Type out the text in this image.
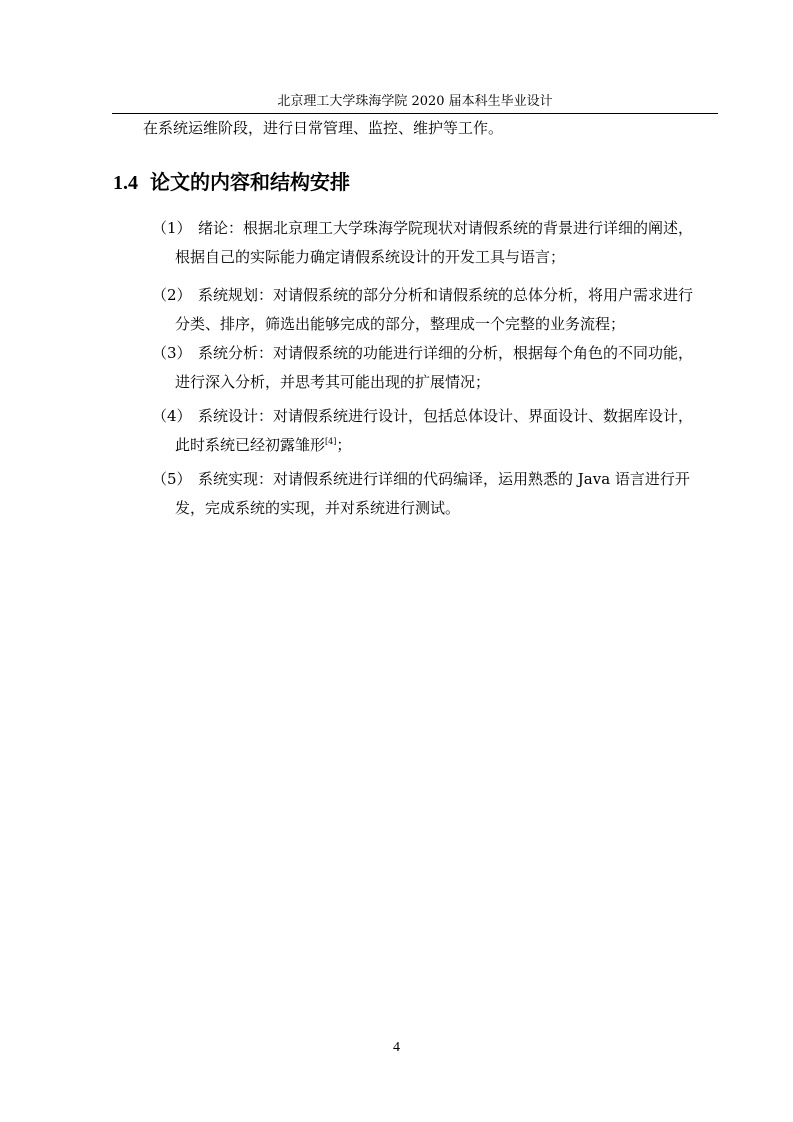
北京理工大学珠海学院 2020 届本科生毕业设计
在系统运维阶段，进行日常管理、监控、维护等工作。
1.4 论文的内容和结构安排
（1） 绪论：根据北京理工大学珠海学院现状对请假系统的背景进行详细的阐述，
根据自己的实际能力确定请假系统设计的开发工具与语言；
（2） 系统规划：对请假系统的部分分析和请假系统的总体分析，将用户需求进行
分类、排序，筛选出能够完成的部分，整理成一个完整的业务流程；
（3） 系统分析：对请假系统的功能进行详细的分析，根据每个角色的不同功能，
进行深入分析，并思考其可能出现的扩展情况；
（4） 系统设计：对请假系统进行设计，包括总体设计、界面设计、数据库设计，
此时系统已经初露雏形[4]；
（5） 系统实现：对请假系统进行详细的代码编译，运用熟悉的 Java 语言进行开
发，完成系统的实现，并对系统进行测试。
4
